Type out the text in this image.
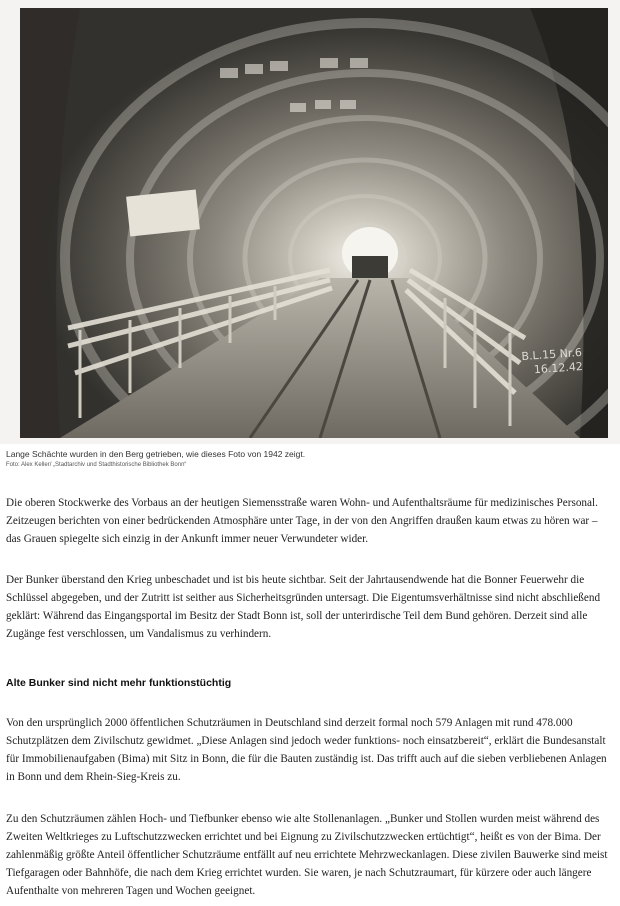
B.L.15 Nr.6
16.12.42
Lange Schächte wurden in den Berg getrieben, wie dieses Foto von 1942 zeigt.
Foto: Alex Keller/ „Stadtarchiv und Stadthistorische Bibliothek Bonn“

Die oberen Stockwerke des Vorbaus an der heutigen Siemensstraße waren Wohn- und Aufenthaltsräume für medizinisches Personal. Zeitzeugen berichten von einer bedrückenden Atmosphäre unter Tage, in der von den Angriffen draußen kaum etwas zu hören war – das Grauen spiegelte sich einzig in der Ankunft immer neuer Verwundeter wider.

Der Bunker überstand den Krieg unbeschadet und ist bis heute sichtbar. Seit der Jahrtausendwende hat die Bonner Feuerwehr die Schlüssel abgegeben, und der Zutritt ist seither aus Sicherheitsgründen untersagt. Die Eigentumsverhältnisse sind nicht abschließend geklärt: Während das Eingangsportal im Besitz der Stadt Bonn ist, soll der unterirdische Teil dem Bund gehören. Derzeit sind alle Zugänge fest verschlossen, um Vandalismus zu verhindern.

Alte Bunker sind nicht mehr funktionstüchtig

Von den ursprünglich 2000 öffentlichen Schutzräumen in Deutschland sind derzeit formal noch 579 Anlagen mit rund 478.000 Schutzplätzen dem Zivilschutz gewidmet. „Diese Anlagen sind jedoch weder funktions- noch einsatzbereit“, erklärt die Bundesanstalt für Immobilienaufgaben (Bima) mit Sitz in Bonn, die für die Bauten zuständig ist. Das trifft auch auf die sieben verbliebenen Anlagen in Bonn und dem Rhein-Sieg-Kreis zu.

Zu den Schutzräumen zählen Hoch- und Tiefbunker ebenso wie alte Stollenanlagen. „Bunker und Stollen wurden meist während des Zweiten Weltkrieges zu Luftschutzzwecken errichtet und bei Eignung zu Zivilschutzzwecken ertüchtigt“, heißt es von der Bima. Der zahlenmäßig größte Anteil öffentlicher Schutzräume entfällt auf neu errichtete Mehrzweckanlagen. Diese zivilen Bauwerke sind meist Tiefgaragen oder Bahnhöfe, die nach dem Krieg errichtet wurden. Sie waren, je nach Schutzraumart, für kürzere oder auch längere Aufenthalte von mehreren Tagen und Wochen geeignet.
